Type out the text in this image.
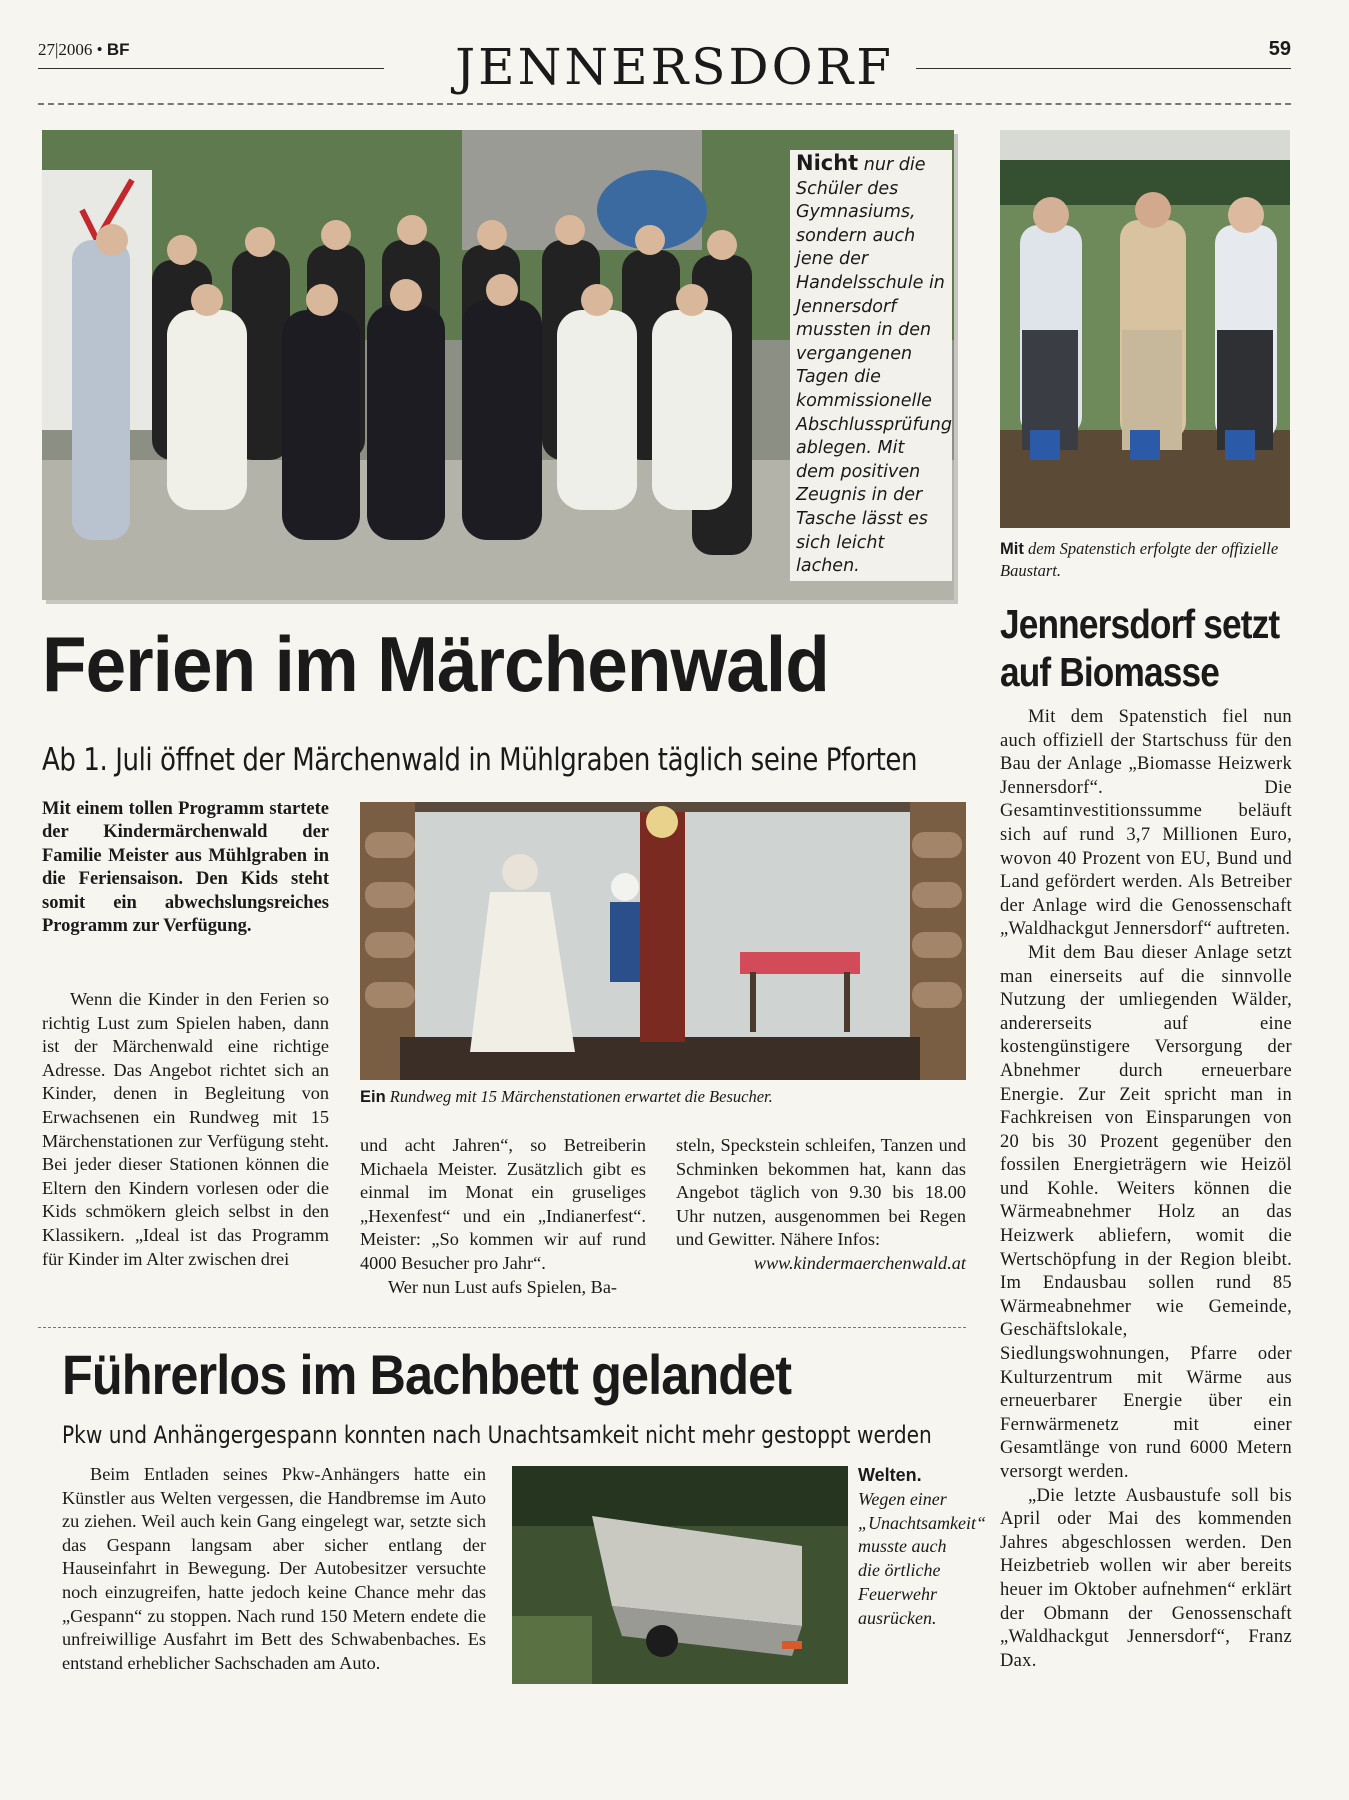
27|2006 • BF	JENNERSDORF	59
Nicht nur die Schüler des Gymnasiums, sondern auch jene der Handelsschule in Jennersdorf mussten in den vergangenen Tagen die kommissionelle Abschlussprüfung ablegen. Mit dem positiven Zeugnis in der Tasche lässt es sich leicht lachen.
Mit dem Spatenstich erfolgte der offizielle Baustart.
Ferien im Märchenwald
Ab 1. Juli öffnet der Märchenwald in Mühlgraben täglich seine Pforten
Mit einem tollen Programm startete der Kindermärchenwald der Familie Meister aus Mühlgraben in die Feriensaison. Den Kids steht somit ein abwechslungsreiches Programm zur Verfügung.
Wenn die Kinder in den Ferien so richtig Lust zum Spielen haben, dann ist der Märchenwald eine richtige Adresse. Das Angebot richtet sich an Kinder, denen in Begleitung von Erwachsenen ein Rundweg mit 15 Märchenstationen zur Verfügung steht. Bei jeder dieser Stationen können die Eltern den Kindern vorlesen oder die Kids schmökern gleich selbst in den Klassikern. „Ideal ist das Programm für Kinder im Alter zwischen drei
Ein Rundweg mit 15 Märchenstationen erwartet die Besucher.

und acht Jahren“, so Betreiberin Michaela Meister. Zusätzlich gibt es einmal im Monat ein gruseliges „Hexenfest“ und ein „Indianerfest“. Meister: „So kommen wir auf rund 4000 Besucher pro Jahr“.

Wer nun Lust aufs Spielen, Ba-

steln, Speckstein schleifen, Tanzen und Schminken bekommen hat, kann das Angebot täglich von 9.30 bis 18.00 Uhr nutzen, ausgenommen bei Regen und Gewitter. Nähere Infos:

www.kindermaerchenwald.at

Führerlos im Bachbett gelandet
Pkw und Anhängergespann konnten nach Unachtsamkeit nicht mehr gestoppt werden
Beim Entladen seines Pkw-Anhängers hatte ein Künstler aus Welten vergessen, die Handbremse im Auto zu ziehen. Weil auch kein Gang eingelegt war, setzte sich das Gespann langsam aber sicher entlang der Hauseinfahrt in Bewegung. Der Autobesitzer versuchte noch einzugreifen, hatte jedoch keine Chance mehr das „Gespann“ zu stoppen. Nach rund 150 Metern endete die unfreiwillige Ausfahrt im Bett des Schwabenbaches. Es entstand erheblicher Sachschaden am Auto.
Welten. Wegen einer „Unachtsamkeit“ musste auch die örtliche Feuerwehr ausrücken.
Jennersdorf setzt
auf Biomasse

Mit dem Spatenstich fiel nun auch offiziell der Startschuss für den Bau der Anlage „Biomasse Heizwerk Jennersdorf“. Die Gesamtinvestitionssumme beläuft sich auf rund 3,7 Millionen Euro, wovon 40 Prozent von EU, Bund und Land gefördert werden. Als Betreiber der Anlage wird die Genossenschaft „Waldhackgut Jennersdorf“ auftreten.

Mit dem Bau dieser Anlage setzt man einerseits auf die sinnvolle Nutzung der umliegenden Wälder, andererseits auf eine kostengünstigere Versorgung der Abnehmer durch erneuerbare Energie. Zur Zeit spricht man in Fachkreisen von Einsparungen von 20 bis 30 Prozent gegenüber den fossilen Energieträgern wie Heizöl und Kohle. Weiters können die Wärmeabnehmer Holz an das Heizwerk abliefern, womit die Wertschöpfung in der Region bleibt. Im Endausbau sollen rund 85 Wärmeabnehmer wie Gemeinde, Geschäftslokale, Siedlungswohnungen, Pfarre oder Kulturzentrum mit Wärme aus erneuerbarer Energie über ein Fernwärmenetz mit einer Gesamtlänge von rund 6000 Metern versorgt werden.

„Die letzte Ausbaustufe soll bis April oder Mai des kommenden Jahres abgeschlossen werden. Den Heizbetrieb wollen wir aber bereits heuer im Oktober aufnehmen“ erklärt der Obmann der Genossenschaft „Waldhackgut Jennersdorf“, Franz Dax.
